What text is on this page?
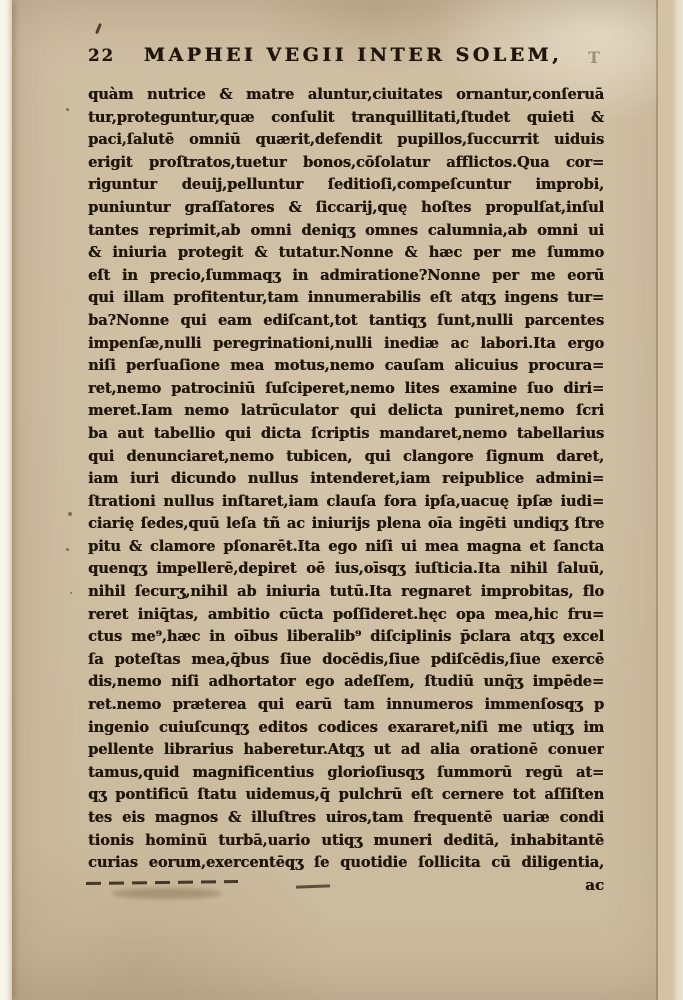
22	MAPHEI VEGII INTER SOLEM,	T
quàm nutrice & matre aluntur,ciuitates ornantur,conſeruā
tur,proteguntur,quæ conſulit tranquillitati,ſtudet quieti &
paci,ſalutē omniū quærit,defendit pupillos,ſuccurrit uiduis
erigit proſtratos,tuetur bonos,cōſolatur afflictos.Qua cor=
riguntur deuij,pelluntur ſeditioſi,compeſcuntur improbi,
puniuntur graſſatores & ſiccarij,quę hoſtes propulſat,inſul
tantes reprimit,ab omni deniqʒ omnes calumnia,ab omni ui
& iniuria protegit & tutatur.Nonne & hæc per me ſummo
eſt in precio,ſummaqʒ in admiratione?Nonne per me eorū
qui illam profitentur,tam innumerabilis eſt atqʒ ingens tur=
ba?Nonne qui eam ediſcant,tot tantiqʒ ſunt,nulli parcentes
impenſæ,nulli peregrinationi,nulli inediæ ac labori.Ita ergo
niſi perſuaſione mea motus,nemo cauſam alicuius procura=
ret,nemo patrociniū ſuſciperet,nemo lites examine ſuo diri=
meret.Iam nemo latrūculator qui delicta puniret,nemo ſcri
ba aut tabellio qui dicta ſcriptis mandaret,nemo tabellarius
qui denunciaret,nemo tubicen, qui clangore ſignum daret,
iam iuri dicundo nullus intenderet,iam reipublice admini=
ſtrationi nullus inſtaret,iam clauſa fora ipſa,uacuę ipſæ iudi=
ciarię ſedes,quū leſa tñ ac iniurijs plena oīa ingēti undiqʒ ſtre
pitu & clamore pſonarēt.Ita ego niſi ui mea magna et ſancta
quenqʒ impellerē,depiret oē ius,oīsqʒ iuſticia.Ita nihil ſaluū,
nihil ſecurʒ,nihil ab iniuria tutū.Ita regnaret improbitas, flo
reret iniq̄tas, ambitio cūcta poſſideret.hęc opa mea,hic fru=
ctus me⁹,hæc in oībus liberalib⁹ diſciplinis p̄clara atqʒ excel
ſa poteſtas mea,q̄bus ſiue docēdis,ſiue pdiſcēdis,ſiue exercē
dis,nemo niſi adhortator ego adeſſem, ſtudiū unq̄ʒ impēde=
ret.nemo præterea qui earū tam innumeros immenſosqʒ p
ingenio cuiuſcunqʒ editos codices exararet,niſi me utiqʒ im
pellente librarius haberetur.Atqʒ ut ad alia orationē conuer
tamus,quid magnificentius glorioſiusqʒ ſummorū regū at=
qʒ pontificū ſtatu uidemus,q̄ pulchrū eſt cernere tot aſſiſten
tes eis magnos & illuſtres uiros,tam frequentē uariæ condi
tionis hominū turbā,uario utiqʒ muneri deditā, inhabitantē
curias eorum,exercentēqʒ ſe quotidie ſollicita cū diligentia,
ac
